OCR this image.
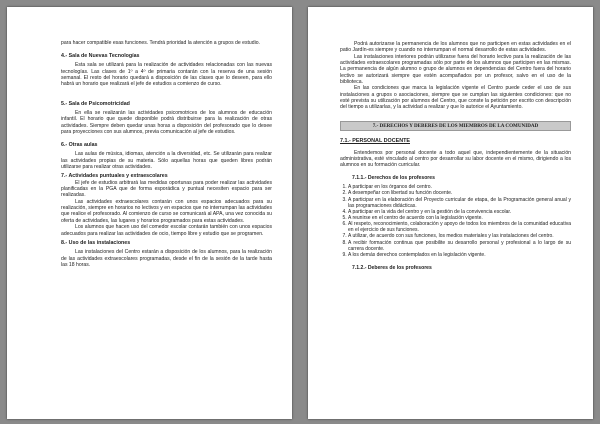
para hacer compatible esas funciones. Tendrá prioridad la atención a grupos de estudio.

4.- Sala de Nuevas Tecnologías

Esta sala se utilizará para la realización de actividades relacionadas con las nuevas tecnologías. Las clases de 1º a 4º de primaria contarán con la reserva de una sesión semanal. El resto del horario quedará a disposición de las clases que lo deseen, para ello habrá un horario que realizará el jefe de estudios a comienzo de curso.

5.- Sala de Psicomotricidad

En ella se realizarán las actividades psicomotrices de los alumnos de educación infantil. El horario que quede disponible podrá distribuirse para la realización de otras actividades. Siempre deben quedar unas horas a disposición del profesorado que lo desee para proyecciones con sus alumnos, previa comunicación al jefe de estudios.

6.- Otras aulas

Las aulas de música, idiomas, atención a la diversidad, etc. Se utilizarán para realizar las actividades propias de su materia. Sólo aquellas horas que queden libres podrán utilizarse para realizar otras actividades.

7.- Actividades puntuales y extraescolares

El jefe de estudios arbitrará las medidas oportunas para poder realizar las actividades planificadas en la PGA que de forma esporádica y puntual necesiten espacio para ser realizadas.

Las actividades extraescolares contarán con unos espacios adecuados para su realización, siempre en horarios no lectivos y en espacios que no interrumpan las actividades que realice el profesorado. Al comienzo de curso se comunicará al APA, una vez conocida su oferta de actividades, las lugares y horarios programados para estas actividades.

Los alumnos que hacen uso del comedor escolar contarán también con unos espacios adecuados para realizar las actividades de ocio, tiempo libre y estudio que se programen.

8.- Uso de las instalaciones

Las instalaciones del Centro estarán a disposición de los alumnos, para la realización de las actividades extraescolares programadas, desde el fin de la sesión de la tarde hasta las 18 horas.

Podrá autorizarse la permanencia de los alumnos que no participen en estas actividades en el patio Jardín-es siempre y cuando no interrumpan el normal desarrollo de estas actividades.

Las instalaciones interiores podrán utilizarse fuera del horario lectivo para la realización de las actividades extraescolares programadas sólo por parte de los alumnos que participen en las mismas. La permanencia de algún alumno o grupo de alumnos en dependencias del Centro fuera del horario lectivo se autorizará siempre que estén acompañados por un profesor, salvo en el uso de la biblioteca.

En las condiciones que marca la legislación vigente el Centro puede ceder el uso de sus instalaciones a grupos o asociaciones, siempre que se cumplan las siguientes condiciones: que no esté prevista su utilización por alumnos del Centro, que conste la petición por escrito con descripción del tiempo a utilizarlas, y la actividad a realizar y que lo autorice el Ayuntamiento.

7.- DERECHOS Y DEBERES DE LOS MIEMBROS DE LA COMUNIDAD
7.1.- PERSONAL DOCENTE

Entendemos por personal docente a todo aquel que, independientemente de la situación administrativa, esté vinculado al centro por desarrollar su labor docente en el mismo, dirigiendo a los alumnos en su formación curricular.

7.1.1.- Derechos de los profesores
1. A participar en los órganos del centro.
2. A desempeñar con libertad su función docente.
3. A participar en la elaboración del Proyecto curricular de etapa, de la Programación general anual y las programaciones didácticas.
4. A participar en la vida del centro y en la gestión de la convivencia escolar.
5. A reunirse en el centro de acuerdo con la legislación vigente.
6. Al respeto, reconocimiento, colaboración y apoyo de todos los miembros de la comunidad educativa en el ejercicio de sus funciones.
7. A utilizar, de acuerdo con sus funciones, los medios materiales y las instalaciones del centro.
8. A recibir formación continua que posibilite su desarrollo personal y profesional a lo largo de su carrera docente.
9. A los demás derechos contemplados en la legislación vigente.
7.1.2.- Deberes de los profesores
